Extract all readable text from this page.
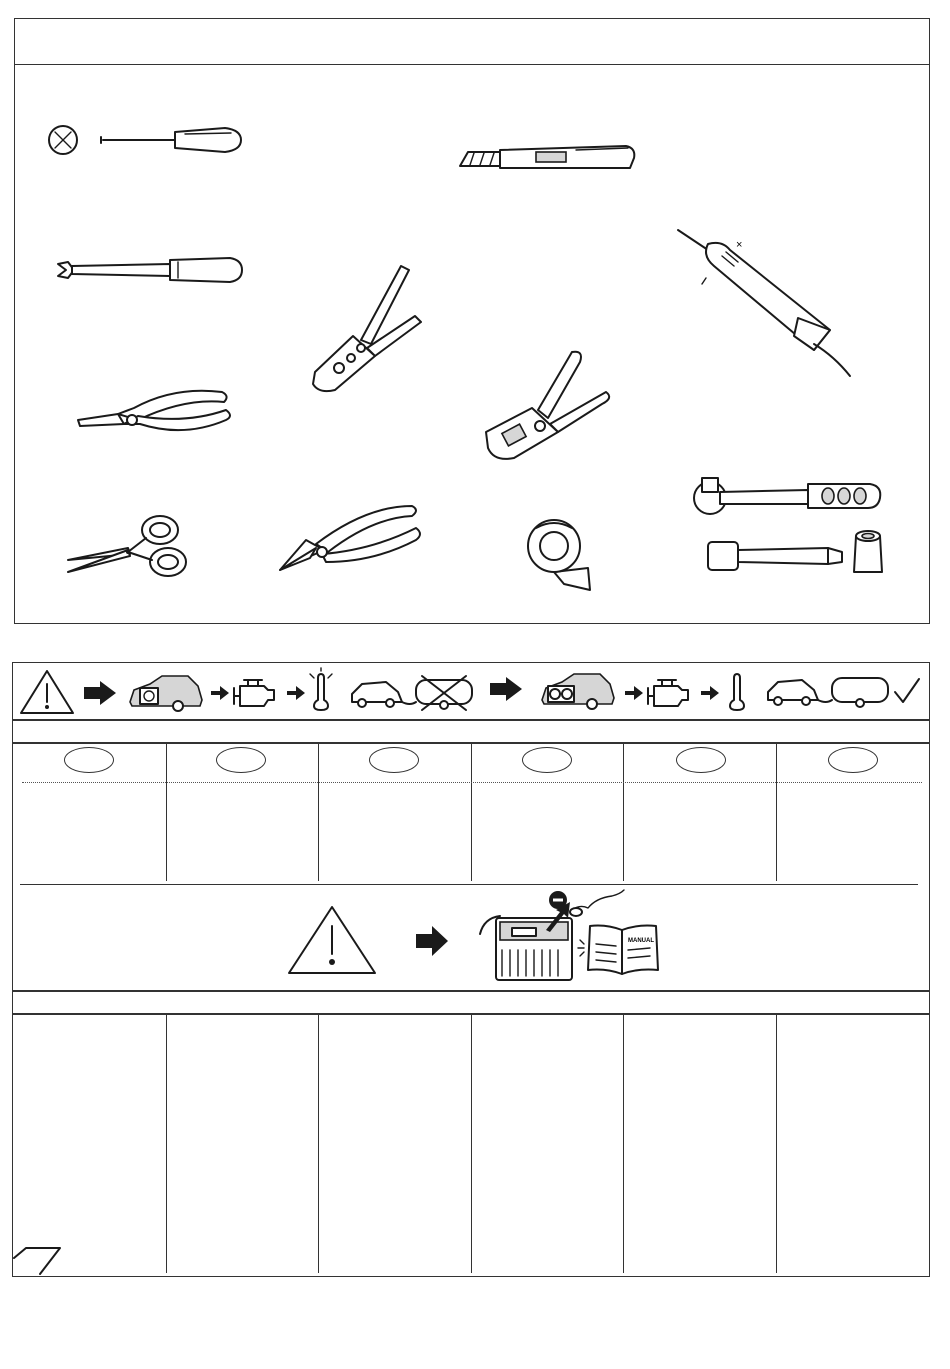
×
MANUAL
